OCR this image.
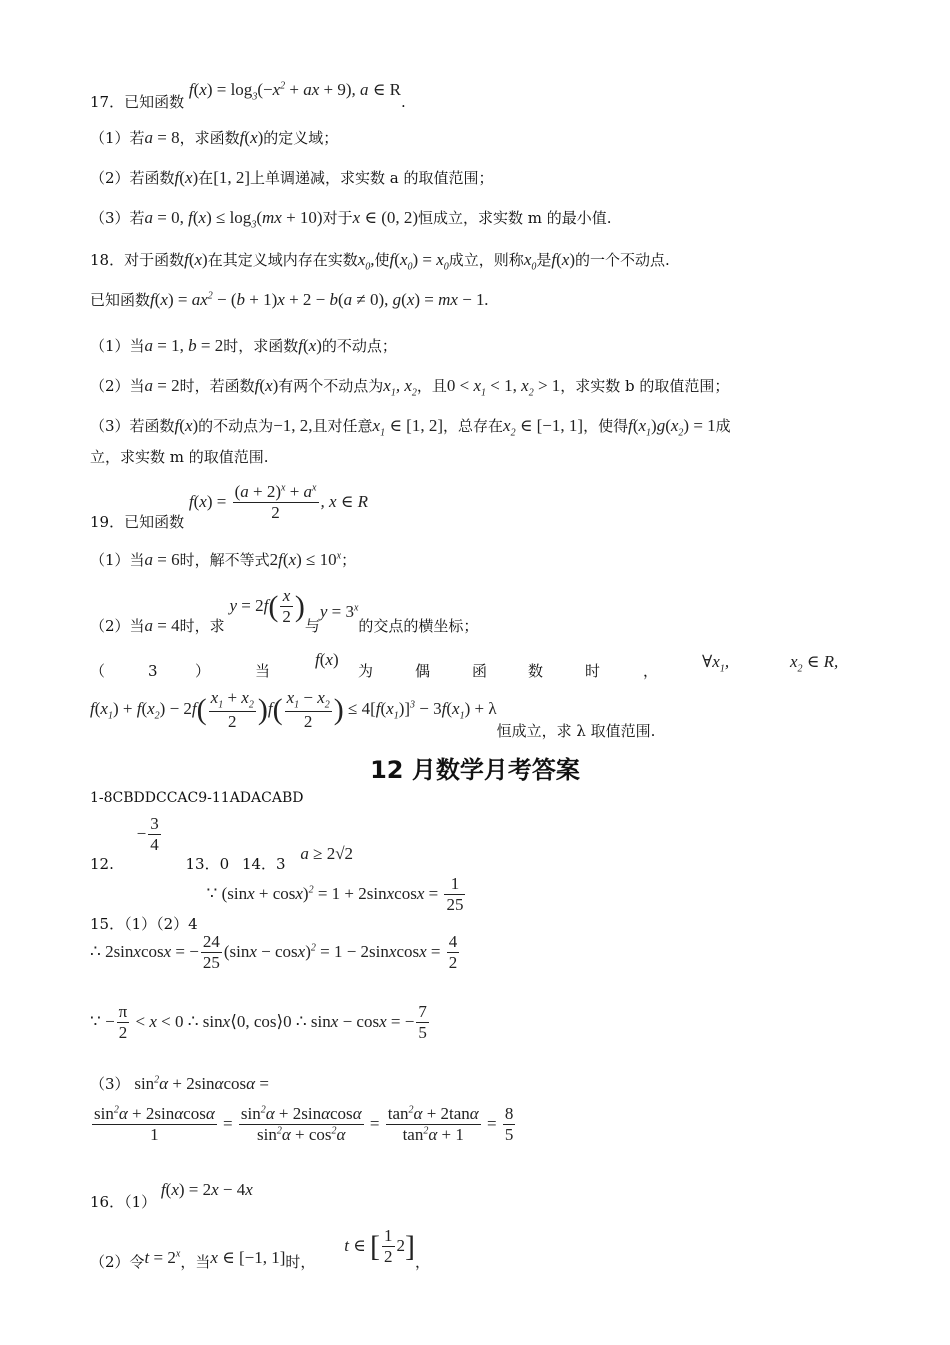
17．已知函数 $f(x) = \log_3(-x^2$ + ax + 9), a ∈ R.
（1）若a = 8，求函数f(x)的定义域；
（2）若函数f(x)在[1, 2]上单调递减，求实数 a 的取值范围；
（3）若a = 0, $f(x) \le \log_3(mx + 10)$对于x ∈ (0, 2)恒成立，求实数 m 的最小值.
18．对于函数f(x)在其定义域内存在实数$x_0$,使$f(x_0) = x_0$成立，则称$x_0$是f(x)的一个不动点.
已知函数$f(x) = ax^2 - (b + 1)x + 2 - b(a \ne 0)$, g(x) = mx − 1.
（1）当a = 1, b = 2时，求函数f(x)的不动点；
（2）当a = 2时，若函数f(x)有两个不动点为$x_1$, $x_2$，且$0 < x_1 < 1$, $x_2 > 1$，求实数 b 的取值范围；
（3）若函数f(x)的不动点为−1, 2,且对任意$x_1$ ∈ [1, 2]，总存在$x_2$ ∈ [−1, 1]，使得$f(x_1)g(x_2) = 1$成
立，求实数 m 的取值范围.
19．已知函数 $f(x) = \frac{(a + 2)^x + a^x}{2}$ , x ∈ R
（1）当a = 6时，解不等式$2f(x) \le 10^x$；
（2）当a = 4时，求 $y = 2f( \frac{x}{2}$ )与$y = 3^x$的交点的横坐标；
（	3 ）	当
f(x)
为	偶	函	数	时	，	$\forall x_1$,	$x_2$ ∈ R,
$f(x_1) + f(x_2) - 2f( \frac{x_1 + x_2}{2} )f( \frac{x_1 - x_2}{2}$ ) ≤ $4[f(x_1)]^3 - 3f(x_1) + \lambda$恒成立，求 λ 取值范围.
12 月数学月考答案
1-8CBDDCCAC9-11ADACABD
12. − $\frac{3}{4}$
13．0 14．3 a ≥ 2√2
15．（1）（2）4 ∵ $(\sin x + \cos x)^2 = 1$ + 2sinxcosx = $\frac{1}{25}$
∴ 2sinxcosx = − $\frac{24}{25} (\sin x - \cos x)^2 = 1$ − 2sinxcosx = $\frac{4}{2}$
∵ − $\frac{\pi}{2} < x < 0$ ∴ sinx⟨0, cos⟩0 ∴ sinx − cosx = − $\frac{7}{5}$
（3） $\sin^2\alpha + 2\sin\alpha\cos\alpha$ =
$\frac{\sin^2\alpha + 2\sin\alpha\cos\alpha}{1} = \frac{\sin^2\alpha + 2\sin\alpha\cos\alpha}{\sin^2\alpha + \cos^2\alpha} = \frac{\tan^2\alpha + 2\tan\alpha}{\tan^2\alpha + 1} = \frac{8}{5}$
16．（1） f(x) = 2x − 4x
（2）令$t = 2^x$，当x ∈ [−1, 1]时， t ∈ [ $\frac{1}{2} 2$]，
